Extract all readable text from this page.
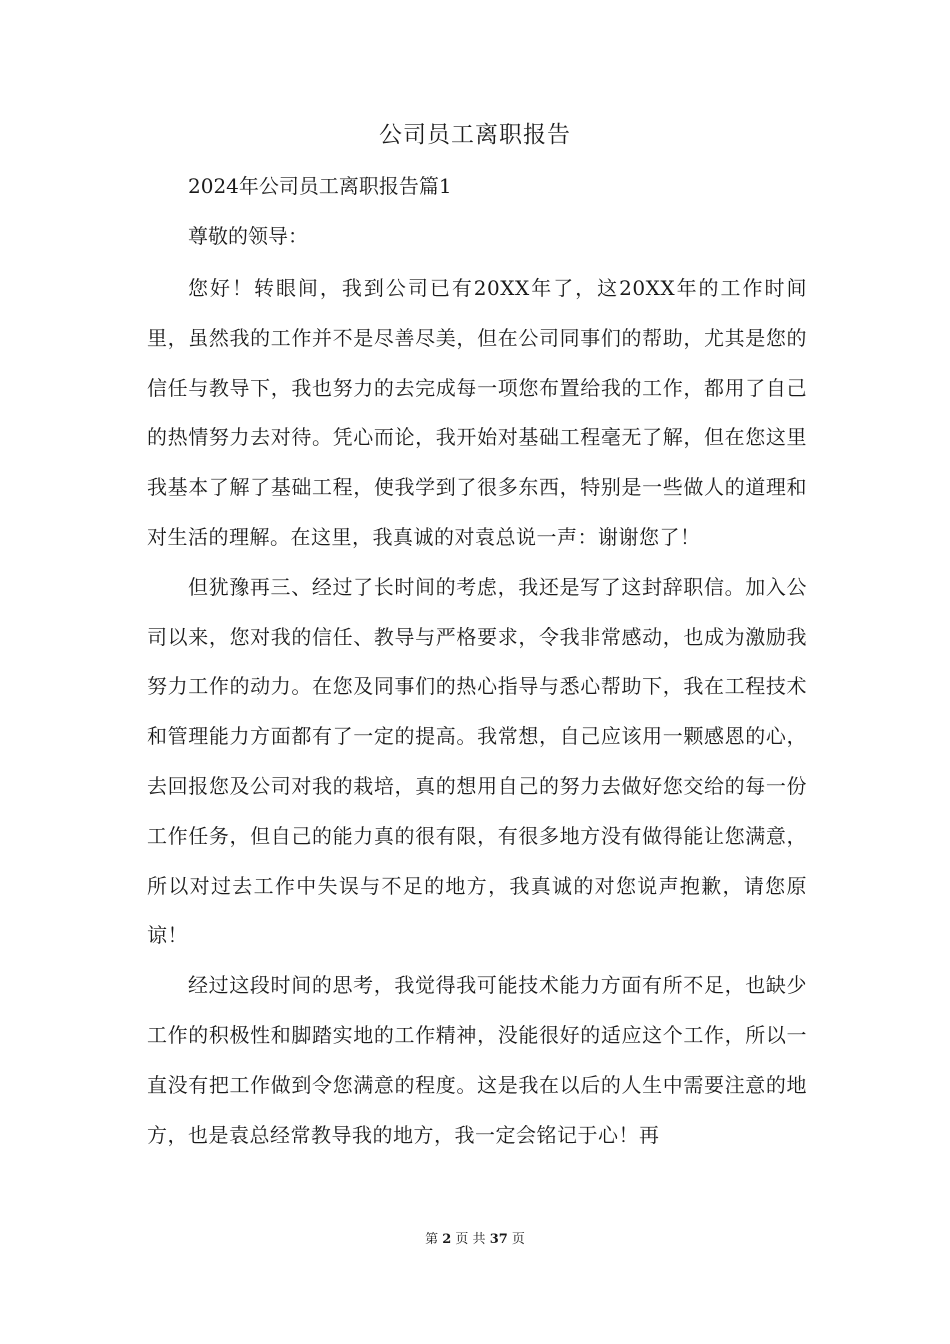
公司员工离职报告
2024年公司员工离职报告篇1
尊敬的领导：

您好！转眼间，我到公司已有20XX年了，这20XX年的工作时间里，虽然我的工作并不是尽善尽美，但在公司同事们的帮助，尤其是您的信任与教导下，我也努力的去完成每一项您布置给我的工作，都用了自己的热情努力去对待。凭心而论，我开始对基础工程毫无了解，但在您这里我基本了解了基础工程，使我学到了很多东西，特别是一些做人的道理和对生活的理解。在这里，我真诚的对袁总说一声：谢谢您了！

但犹豫再三、经过了长时间的考虑，我还是写了这封辞职信。加入公司以来，您对我的信任、教导与严格要求，令我非常感动，也成为激励我努力工作的动力。在您及同事们的热心指导与悉心帮助下，我在工程技术和管理能力方面都有了一定的提高。我常想，自己应该用一颗感恩的心，去回报您及公司对我的栽培，真的想用自己的努力去做好您交给的每一份工作任务，但自己的能力真的很有限，有很多地方没有做得能让您满意，所以对过去工作中失误与不足的地方，我真诚的对您说声抱歉，请您原谅！

经过这段时间的思考，我觉得我可能技术能力方面有所不足，也缺少工作的积极性和脚踏实地的工作精神，没能很好的适应这个工作，所以一直没有把工作做到令您满意的程度。这是我在以后的人生中需要注意的地方，也是袁总经常教导我的地方，我一定会铭记于心！再

第 2 页 共 37 页
